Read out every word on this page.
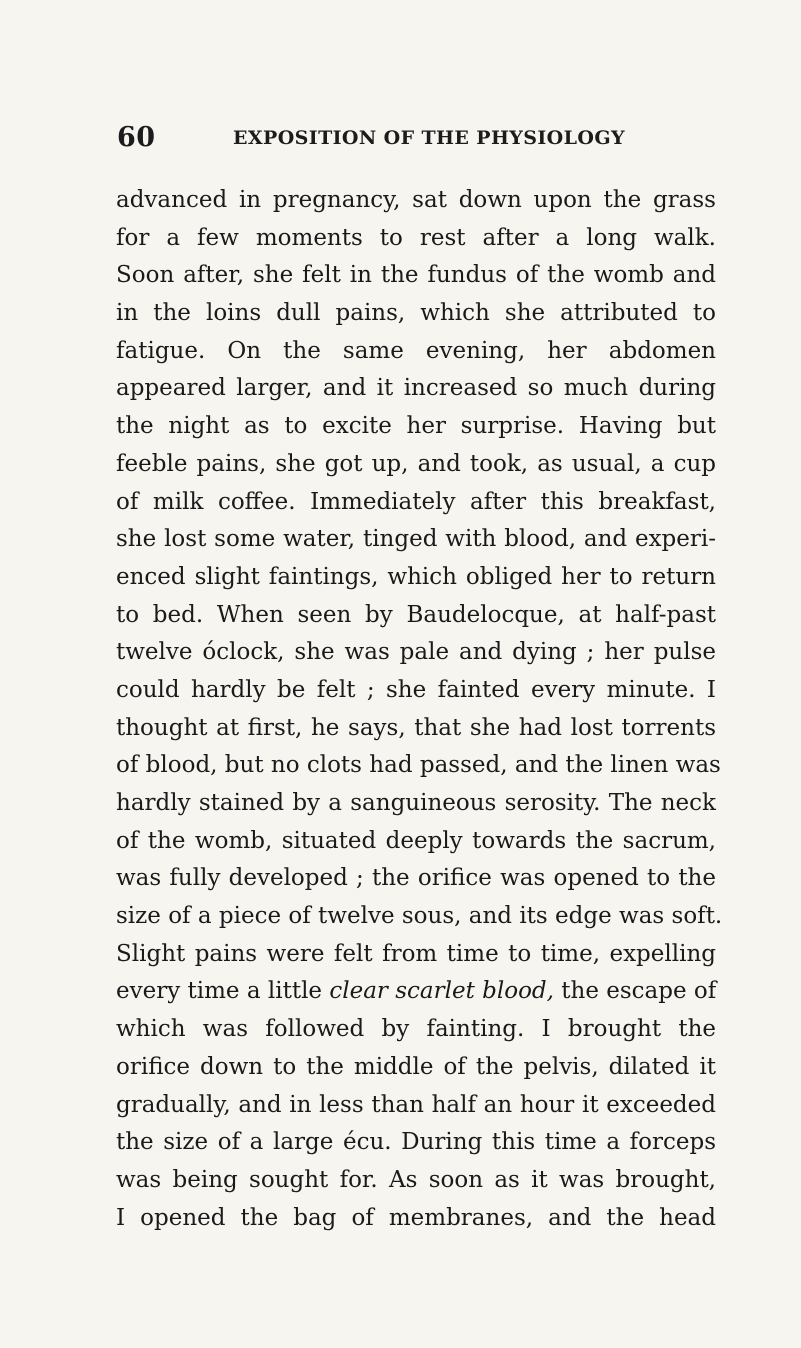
60	EXPOSITION OF THE PHYSIOLOGY
advanced in pregnancy, sat down upon the grass
for a few moments to rest after a long walk.
Soon after, she felt in the fundus of the womb and
in the loins dull pains, which she attributed to
fatigue. On the same evening, her abdomen
appeared larger, and it increased so much during
the night as to excite her surprise. Having but
feeble pains, she got up, and took, as usual, a cup
of milk coffee. Immediately after this breakfast,
she lost some water, tinged with blood, and experi-
enced slight faintings, which obliged her to return
to bed. When seen by Baudelocque, at half-past
twelve óclock, she was pale and dying ; her pulse
could hardly be felt ; she fainted every minute. I
thought at first, he says, that she had lost torrents
of blood, but no clots had passed, and the linen was
hardly stained by a sanguineous serosity. The neck
of the womb, situated deeply towards the sacrum,
was fully developed ; the orifice was opened to the
size of a piece of twelve sous, and its edge was soft.
Slight pains were felt from time to time, expelling
every time a little clear scarlet blood, the escape of
which was followed by fainting. I brought the
orifice down to the middle of the pelvis, dilated it
gradually, and in less than half an hour it exceeded
the size of a large écu. During this time a forceps
was being sought for. As soon as it was brought,
I opened the bag of membranes, and the head
